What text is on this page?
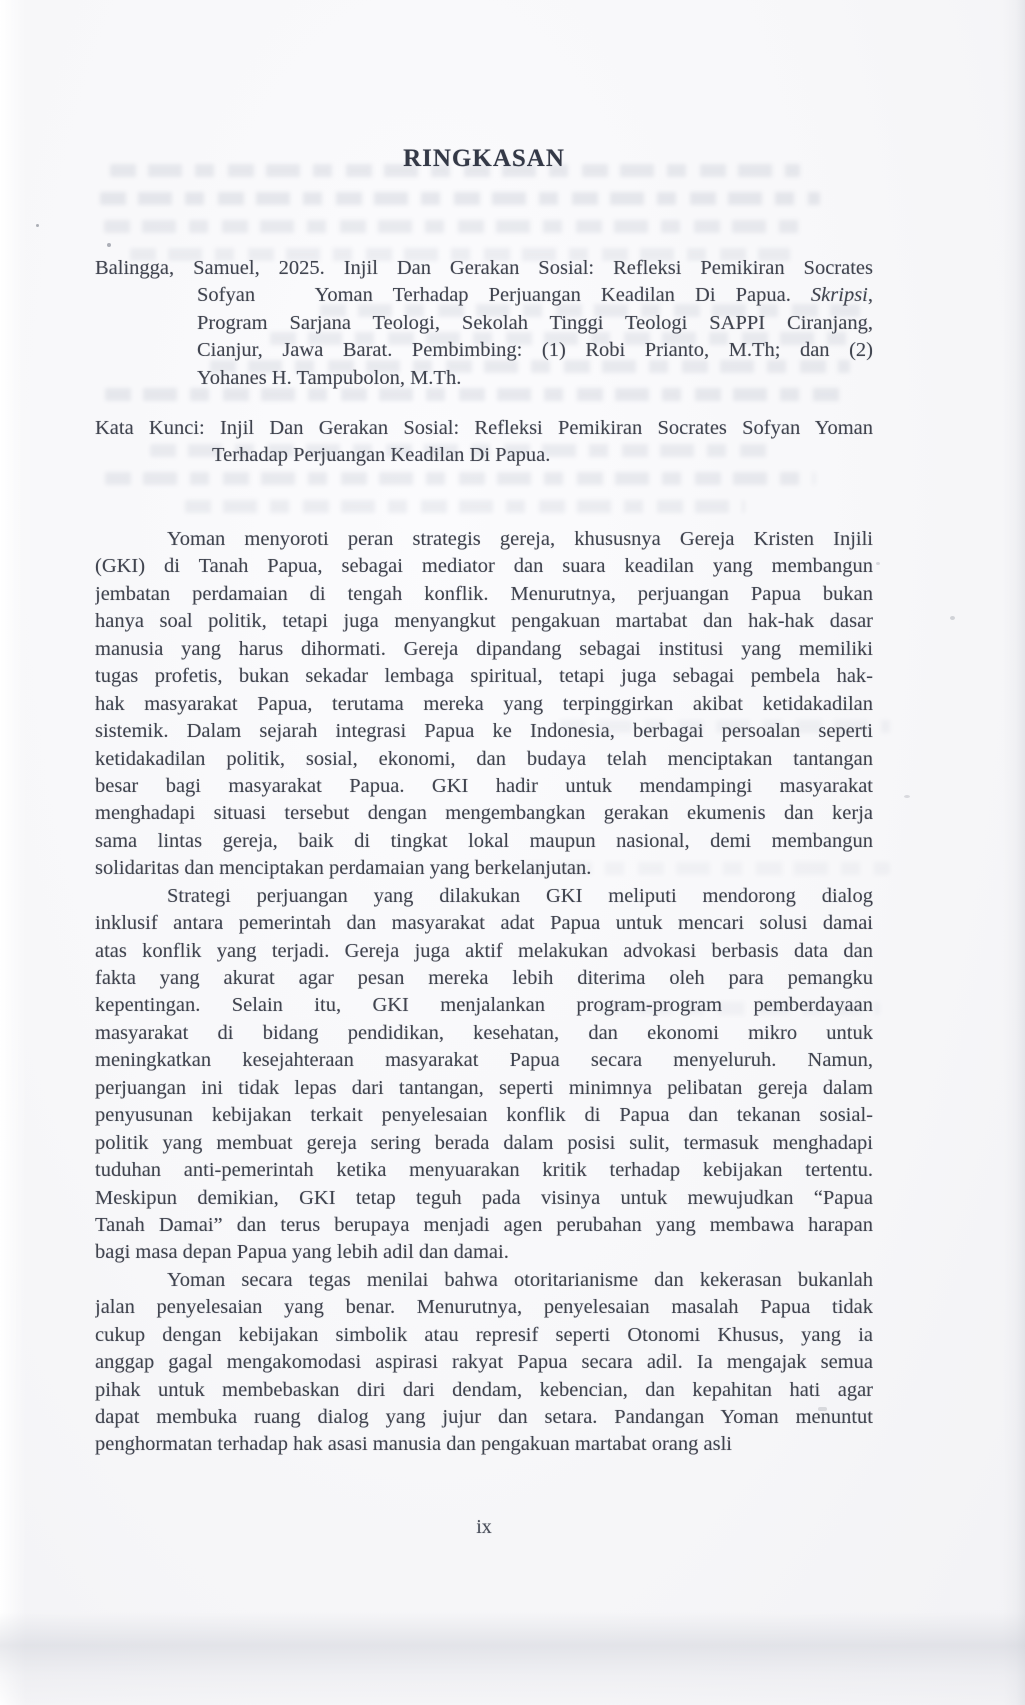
RINGKASAN
Balingga, Samuel, 2025. Injil Dan Gerakan Sosial: Refleksi Pemikiran Socrates
Sofyan   Yoman Terhadap Perjuangan Keadilan Di Papua. Skripsi,
Program Sarjana Teologi, Sekolah Tinggi Teologi SAPPI Ciranjang,
Cianjur, Jawa Barat. Pembimbing: (1) Robi Prianto, M.Th; dan (2)
Yohanes H. Tampubolon, M.Th.
Kata Kunci: Injil Dan Gerakan Sosial: Refleksi Pemikiran Socrates Sofyan Yoman
Terhadap Perjuangan Keadilan Di Papua.
Yoman menyoroti peran strategis gereja, khususnya Gereja Kristen Injili
(GKI) di Tanah Papua, sebagai mediator dan suara keadilan yang membangun
jembatan perdamaian di tengah konflik. Menurutnya, perjuangan Papua bukan
hanya soal politik, tetapi juga menyangkut pengakuan martabat dan hak-hak dasar
manusia yang harus dihormati. Gereja dipandang sebagai institusi yang memiliki
tugas profetis, bukan sekadar lembaga spiritual, tetapi juga sebagai pembela hak-
hak masyarakat Papua, terutama mereka yang terpinggirkan akibat ketidakadilan
sistemik. Dalam sejarah integrasi Papua ke Indonesia, berbagai persoalan seperti
ketidakadilan politik, sosial, ekonomi, dan budaya telah menciptakan tantangan
besar bagi masyarakat Papua. GKI hadir untuk mendampingi masyarakat
menghadapi situasi tersebut dengan mengembangkan gerakan ekumenis dan kerja
sama lintas gereja, baik di tingkat lokal maupun nasional, demi membangun
solidaritas dan menciptakan perdamaian yang berkelanjutan.
Strategi perjuangan yang dilakukan GKI meliputi mendorong dialog
inklusif antara pemerintah dan masyarakat adat Papua untuk mencari solusi damai
atas konflik yang terjadi. Gereja juga aktif melakukan advokasi berbasis data dan
fakta yang akurat agar pesan mereka lebih diterima oleh para pemangku
kepentingan. Selain itu, GKI menjalankan program-program pemberdayaan
masyarakat di bidang pendidikan, kesehatan, dan ekonomi mikro untuk
meningkatkan kesejahteraan masyarakat Papua secara menyeluruh. Namun,
perjuangan ini tidak lepas dari tantangan, seperti minimnya pelibatan gereja dalam
penyusunan kebijakan terkait penyelesaian konflik di Papua dan tekanan sosial-
politik yang membuat gereja sering berada dalam posisi sulit, termasuk menghadapi
tuduhan anti-pemerintah ketika menyuarakan kritik terhadap kebijakan tertentu.
Meskipun demikian, GKI tetap teguh pada visinya untuk mewujudkan “Papua
Tanah Damai” dan terus berupaya menjadi agen perubahan yang membawa harapan
bagi masa depan Papua yang lebih adil dan damai.
Yoman secara tegas menilai bahwa otoritarianisme dan kekerasan bukanlah
jalan penyelesaian yang benar. Menurutnya, penyelesaian masalah Papua tidak
cukup dengan kebijakan simbolik atau represif seperti Otonomi Khusus, yang ia
anggap gagal mengakomodasi aspirasi rakyat Papua secara adil. Ia mengajak semua
pihak untuk membebaskan diri dari dendam, kebencian, dan kepahitan hati agar
dapat membuka ruang dialog yang jujur dan setara. Pandangan Yoman menuntut
penghormatan terhadap hak asasi manusia dan pengakuan martabat orang asli
ix
